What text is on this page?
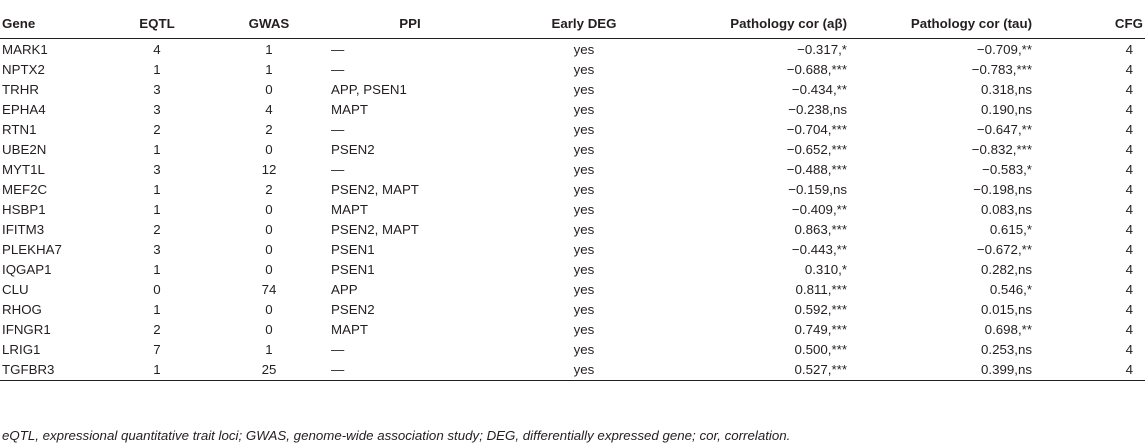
Gene	EQTL	GWAS	PPI	Early DEG	Pathology cor (aβ)	Pathology cor (tau)	CFG
MARK1	4	1	—	yes	−0.317,*	−0.709,**	4
NPTX2	1	1	—	yes	−0.688,***	−0.783,***	4
TRHR	3	0	APP, PSEN1	yes	−0.434,**	0.318,ns	4
EPHA4	3	4	MAPT	yes	−0.238,ns	0.190,ns	4
RTN1	2	2	—	yes	−0.704,***	−0.647,**	4
UBE2N	1	0	PSEN2	yes	−0.652,***	−0.832,***	4
MYT1L	3	12	—	yes	−0.488,***	−0.583,*	4
MEF2C	1	2	PSEN2, MAPT	yes	−0.159,ns	−0.198,ns	4
HSBP1	1	0	MAPT	yes	−0.409,**	0.083,ns	4
IFITM3	2	0	PSEN2, MAPT	yes	0.863,***	0.615,*	4
PLEKHA7	3	0	PSEN1	yes	−0.443,**	−0.672,**	4
IQGAP1	1	0	PSEN1	yes	0.310,*	0.282,ns	4
CLU	0	74	APP	yes	0.811,***	0.546,*	4
RHOG	1	0	PSEN2	yes	0.592,***	0.015,ns	4
IFNGR1	2	0	MAPT	yes	0.749,***	0.698,**	4
LRIG1	7	1	—	yes	0.500,***	0.253,ns	4
TGFBR3	1	25	—	yes	0.527,***	0.399,ns	4
eQTL, expressional quantitative trait loci; GWAS, genome-wide association study; DEG, differentially expressed gene; cor, correlation.
